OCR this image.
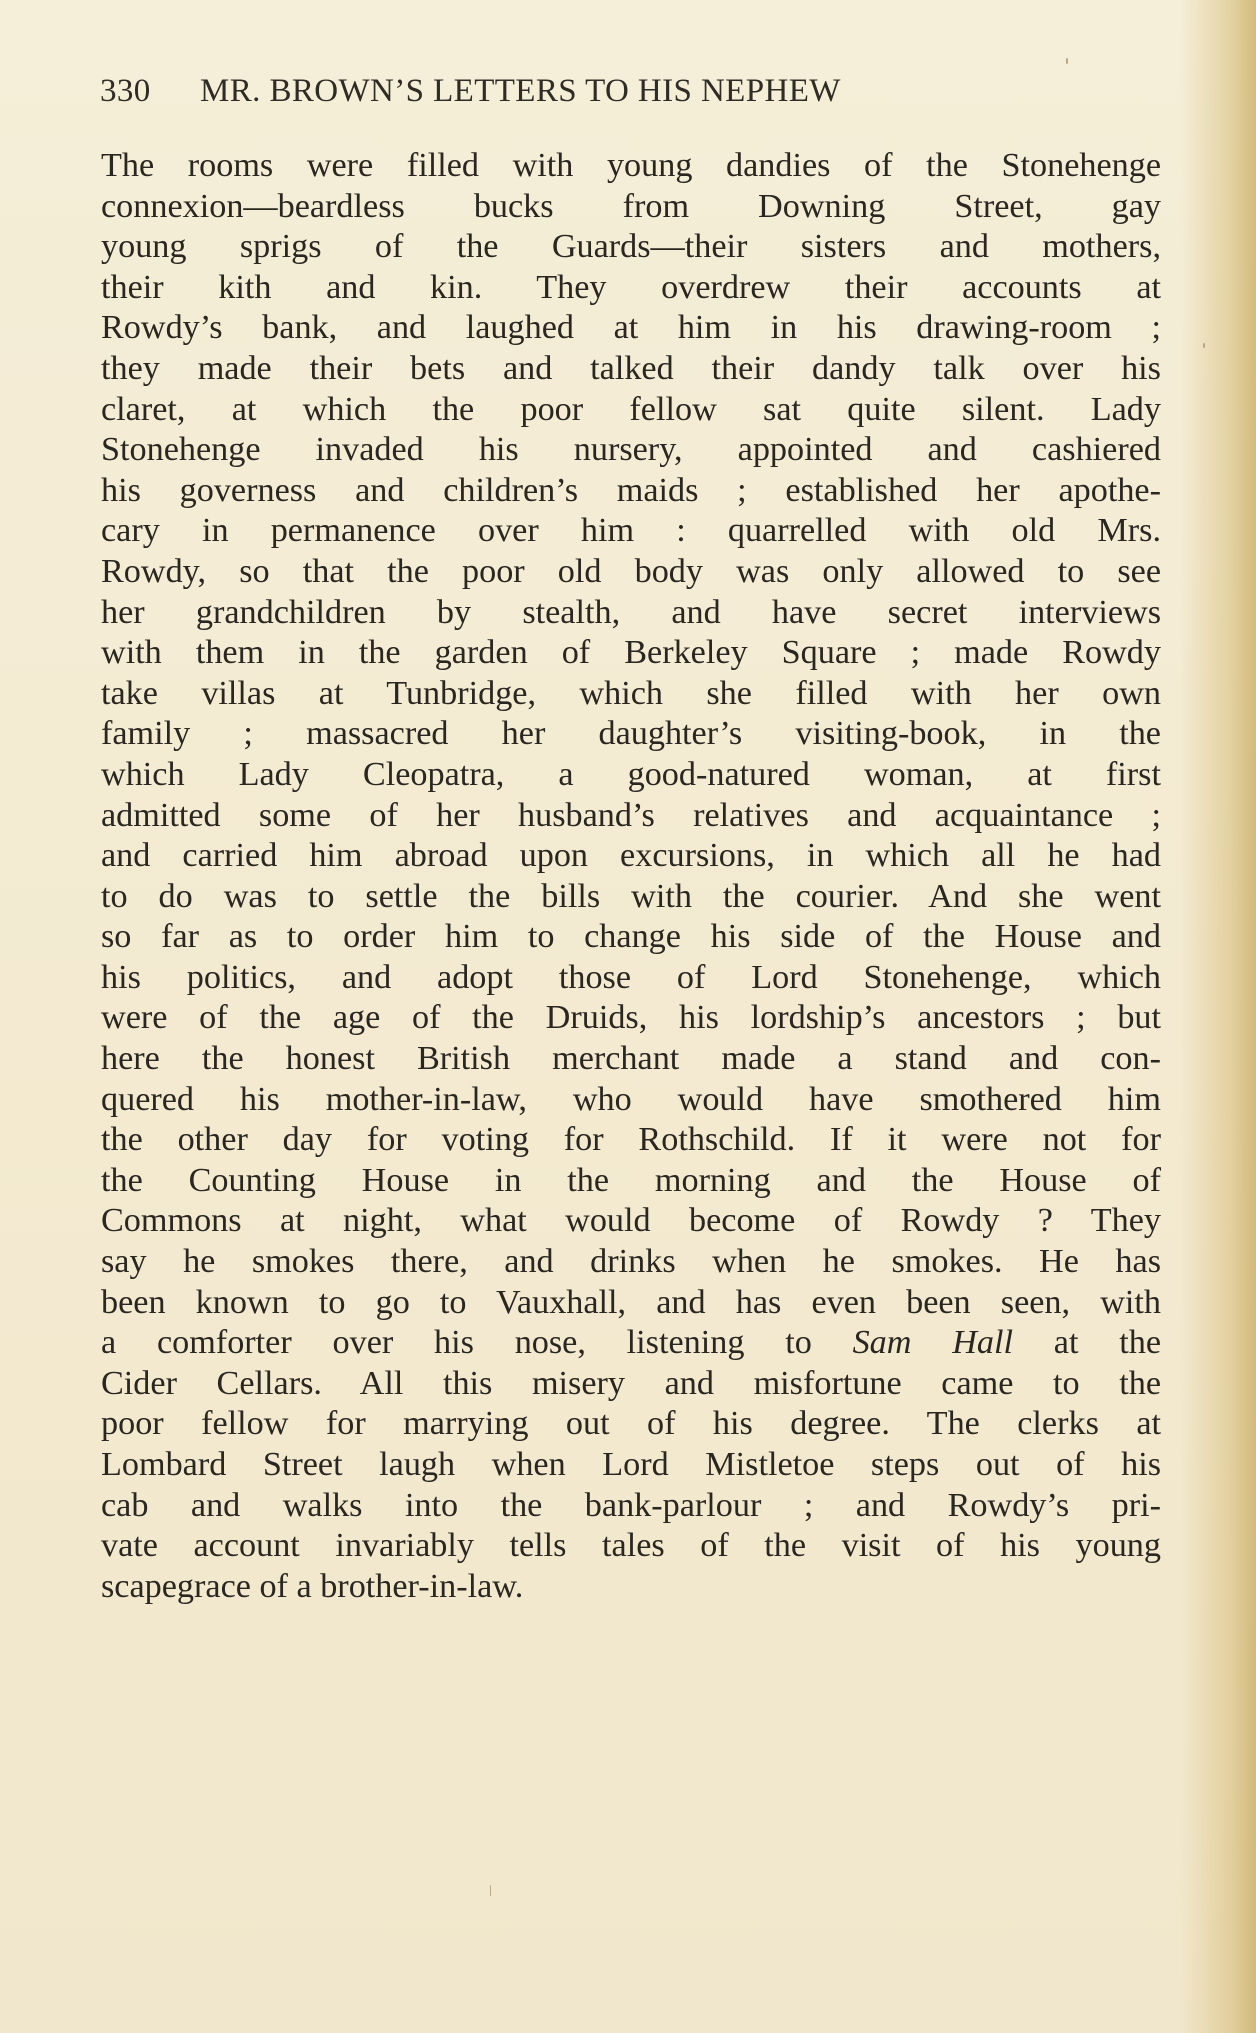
330 MR. BROWN’S LETTERS TO HIS NEPHEW
The rooms were filled with young dandies of the Stonehenge
connexion—beardless bucks from Downing Street, gay
young sprigs of the Guards—their sisters and mothers,
their kith and kin. They overdrew their accounts at
Rowdy’s bank, and laughed at him in his drawing-room ;
they made their bets and talked their dandy talk over his
claret, at which the poor fellow sat quite silent. Lady
Stonehenge invaded his nursery, appointed and cashiered
his governess and children’s maids ; established her apothe-
cary in permanence over him : quarrelled with old Mrs.
Rowdy, so that the poor old body was only allowed to see
her grandchildren by stealth, and have secret interviews
with them in the garden of Berkeley Square ; made Rowdy
take villas at Tunbridge, which she filled with her own
family ; massacred her daughter’s visiting-book, in the
which Lady Cleopatra, a good-natured woman, at first
admitted some of her husband’s relatives and acquaintance ;
and carried him abroad upon excursions, in which all he had
to do was to settle the bills with the courier. And she went
so far as to order him to change his side of the House and
his politics, and adopt those of Lord Stonehenge, which
were of the age of the Druids, his lordship’s ancestors ; but
here the honest British merchant made a stand and con-
quered his mother-in-law, who would have smothered him
the other day for voting for Rothschild. If it were not for
the Counting House in the morning and the House of
Commons at night, what would become of Rowdy ? They
say he smokes there, and drinks when he smokes. He has
been known to go to Vauxhall, and has even been seen, with
a comforter over his nose, listening to Sam Hall at the
Cider Cellars. All this misery and misfortune came to the
poor fellow for marrying out of his degree. The clerks at
Lombard Street laugh when Lord Mistletoe steps out of his
cab and walks into the bank-parlour ; and Rowdy’s pri-
vate account invariably tells tales of the visit of his young
scapegrace of a brother-in-law.
